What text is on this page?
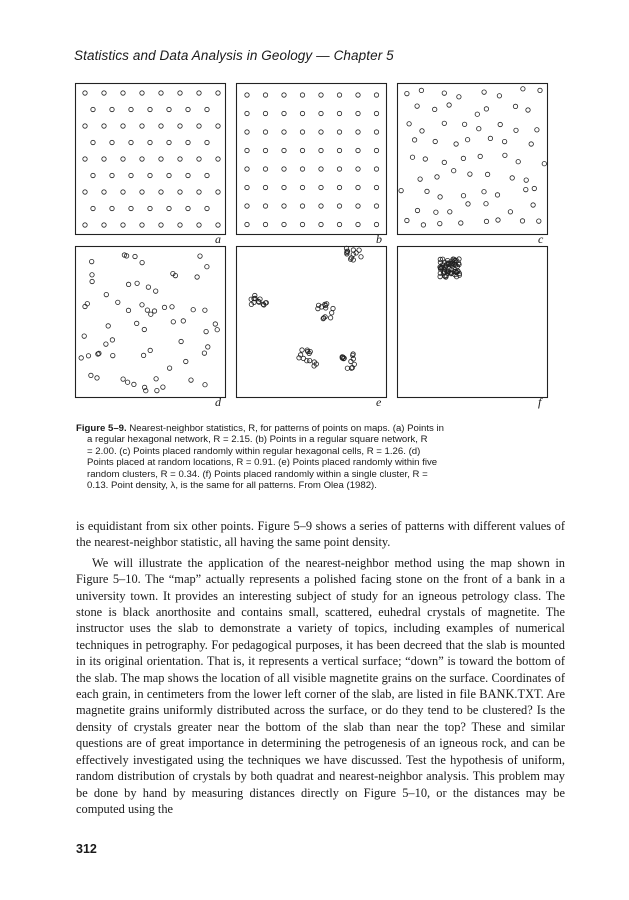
Statistics and Data Analysis in Geology — Chapter 5
a	b	c
d	e	f
Figure 5–9. Nearest-neighbor statistics, R, for patterns of points on maps. (a) Points in
a regular hexagonal network, R = 2.15. (b) Points in a regular square network, R
= 2.00. (c) Points placed randomly within regular hexagonal cells, R = 1.26. (d)
Points placed at random locations, R = 0.91. (e) Points placed randomly within five
random clusters, R = 0.34. (f) Points placed randomly within a single cluster, R =
0.13. Point density, λ, is the same for all patterns. From Olea (1982).

is equidistant from six other points. Figure 5–9 shows a series of patterns with different values of the nearest-neighbor statistic, all having the same point density.

We will illustrate the application of the nearest-neighbor method using the map shown in Figure 5–10. The “map” actually represents a polished facing stone on the front of a bank in a university town. It provides an interesting subject of study for an igneous petrology class. The stone is black anorthosite and contains small, scattered, euhedral crystals of magnetite. The instructor uses the slab to demonstrate a variety of topics, including examples of numerical techniques in petrography. For pedagogical purposes, it has been decreed that the slab is mounted in its original orientation. That is, it represents a vertical surface; “down” is toward the bottom of the slab. The map shows the location of all visible magnetite grains on the surface. Coordinates of each grain, in centimeters from the lower left corner of the slab, are listed in file BANK.TXT. Are magnetite grains uniformly distributed across the surface, or do they tend to be clustered? Is the density of crystals greater near the bottom of the slab than near the top? These and similar questions are of great importance in determining the petrogenesis of an igneous rock, and can be effectively investigated using the techniques we have discussed. Test the hypothesis of uniform, random distribution of crystals by both quadrat and nearest-neighbor analysis. This problem may be done by hand by measuring distances directly on Figure 5–10, or the distances may be computed using the

312
